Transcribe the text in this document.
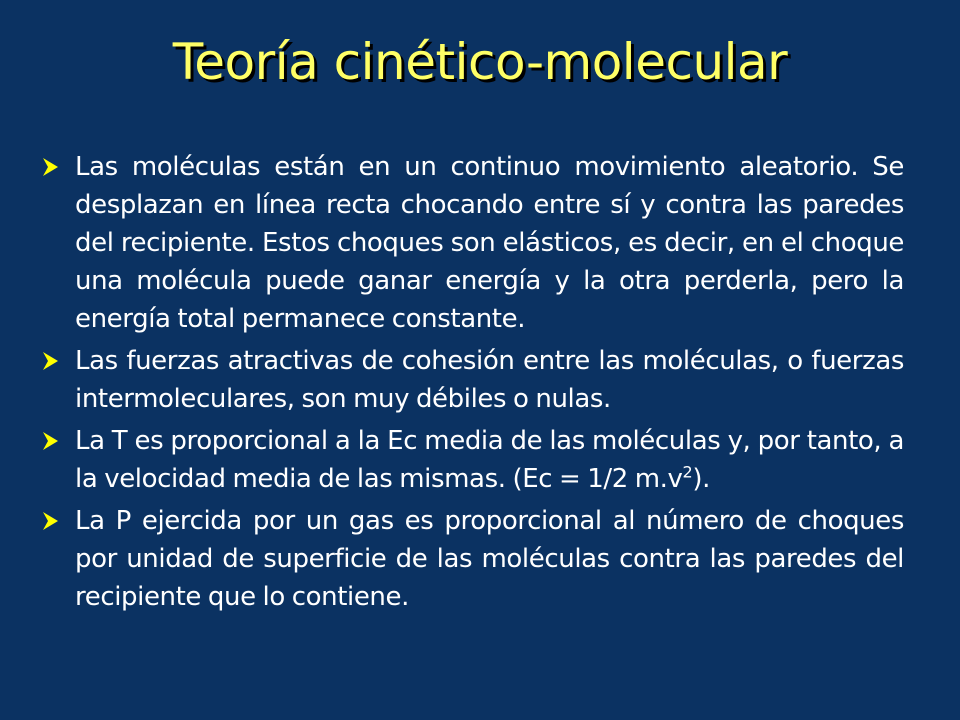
Teoría cinético-molecular
Las moléculas están en un continuo movimiento aleatorio. Se desplazan en línea recta chocando entre sí y contra las paredes del recipiente. Estos choques son elásticos, es decir, en el choque una molécula puede ganar energía y la otra perderla, pero la energía total permanece constante.
Las fuerzas atractivas de cohesión entre las moléculas, o fuerzas intermoleculares, son muy débiles o nulas.
La T es proporcional a la Ec media de las moléculas y, por tanto, a la velocidad media de las mismas. (Ec = 1/2 $m.v^2$).
La P ejercida por un gas es proporcional al número de choques por unidad de superficie de las moléculas contra las paredes del recipiente que lo contiene.
